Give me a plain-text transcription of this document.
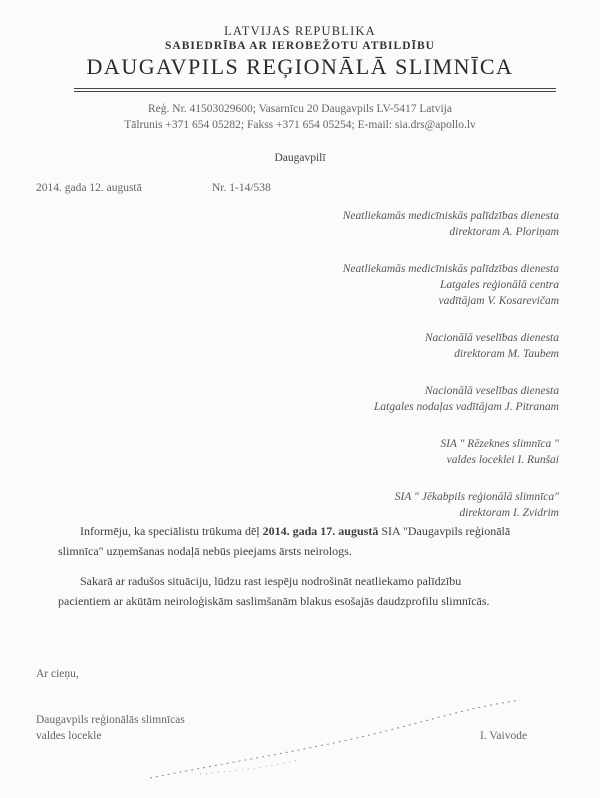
LATVIJAS REPUBLIKA
SABIEDRĪBA AR IEROBEŽOTU ATBILDĪBU
DAUGAVPILS REĢIONĀLĀ SLIMNĪCA
Reģ. Nr. 41503029600; Vasarnīcu 20 Daugavpils LV-5417 Latvija
Tālrunis +371 654 05282; Fakss +371 654 05254; E-mail: sia.drs@apollo.lv
Daugavpilī
2014. gada 12. augustā	Nr. 1-14/538
Neatliekamās medicīniskās palīdzības dienesta
direktoram A. Ploriņam
Neatliekamās medicīniskās palīdzības dienesta
Latgales reģionālā centra
vadītājam V. Kosarevičam
Nacionālā veselības dienesta
direktoram M. Taubem
Nacionālā veselības dienesta
Latgales nodaļas vadītājam J. Pitranam
SIA " Rēzeknes slimnīca "
valdes loceklei I. Runšai
SIA " Jēkabpils reģionālā slimnīca"
direktoram I. Zvidrim
Informēju, ka speciālistu trūkuma dēļ 2014. gada 17. augustā SIA "Daugavpils reģionālā
slimnīca" uzņemšanas nodaļā nebūs pieejams ārsts neirologs.
Sakarā ar radušos situāciju, lūdzu rast iespēju nodrošināt neatliekamo palīdzību
pacientiem ar akūtām neiroloģiskām saslimšanām blakus esošajās daudzprofilu slimnīcās.
Ar cieņu,
Daugavpils reģionālās slimnīcas
valdes loceklе	I. Vaivode
